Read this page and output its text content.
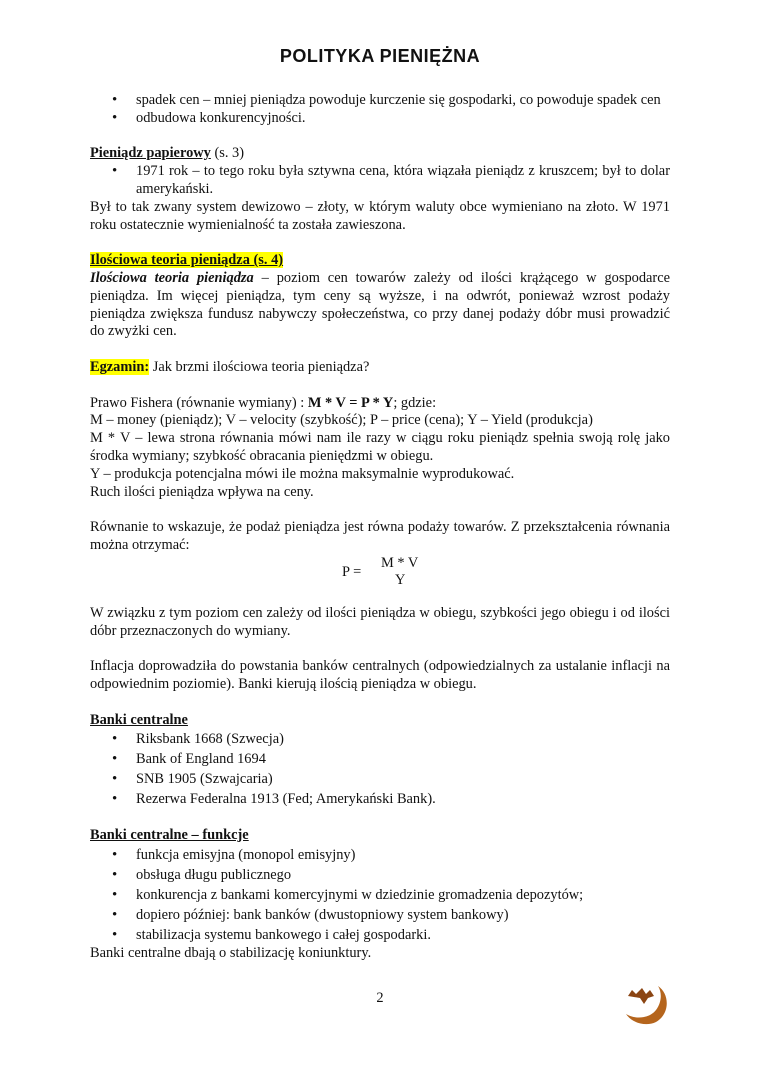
POLITYKA PIENIĘŻNA
• spadek cen – mniej pieniądza powoduje kurczenie się gospodarki, co powoduje spadek cen
• odbudowa konkurencyjności.

Pieniądz papierowy (s. 3)

• 1971 rok – to tego roku była sztywna cena, która wiązała pieniądz z kruszcem; był to dolar amerykański.

Był to tak zwany system dewizowo – złoty, w którym waluty obce wymieniano na złoto. W 1971 roku ostatecznie wymienialność ta została zawieszona.

Ilościowa teoria pieniądza (s. 4)

Ilościowa teoria pieniądza – poziom cen towarów zależy od ilości krążącego w gospodarce pieniądza. Im więcej pieniądza, tym ceny są wyższe, i na odwrót, ponieważ wzrost podaży pieniądza zwiększa fundusz nabywczy społeczeństwa, co przy danej podaży dóbr musi prowadzić do zwyżki cen.

Egzamin: Jak brzmi ilościowa teoria pieniądza?

Prawo Fishera (równanie wymiany) : M * V = P * Y; gdzie:

M – money (pieniądz); V – velocity (szybkość); P – price (cena); Y – Yield (produkcja)

M * V – lewa strona równania mówi nam ile razy w ciągu roku pieniądz spełnia swoją rolę jako środka wymiany; szybkość obracania pieniędzmi w obiegu.

Y – produkcja potencjalna mówi ile można maksymalnie wyprodukować.

Ruch ilości pieniądza wpływa na ceny.

Równanie to wskazuje, że podaż pieniądza jest równa podaży towarów. Z przekształcenia równania można otrzymać:

P =
M * V
Y

W związku z tym poziom cen zależy od ilości pieniądza w obiegu, szybkości jego obiegu i od ilości dóbr przeznaczonych do wymiany.

Inflacja doprowadziła do powstania banków centralnych (odpowiedzialnych za ustalanie inflacji na odpowiednim poziomie). Banki kierują ilością pieniądza w obiegu.

Banki centralne

• Riksbank 1668 (Szwecja)
• Bank of England 1694
• SNB 1905 (Szwajcaria)
• Rezerwa Federalna 1913 (Fed; Amerykański Bank).

Banki centralne – funkcje

• funkcja emisyjna (monopol emisyjny)
• obsługa długu publicznego
• konkurencja z bankami komercyjnymi w dziedzinie gromadzenia depozytów;
• dopiero później: bank banków (dwustopniowy system bankowy)
• stabilizacja systemu bankowego i całej gospodarki.

Banki centralne dbają o stabilizację koniunktury.

2
